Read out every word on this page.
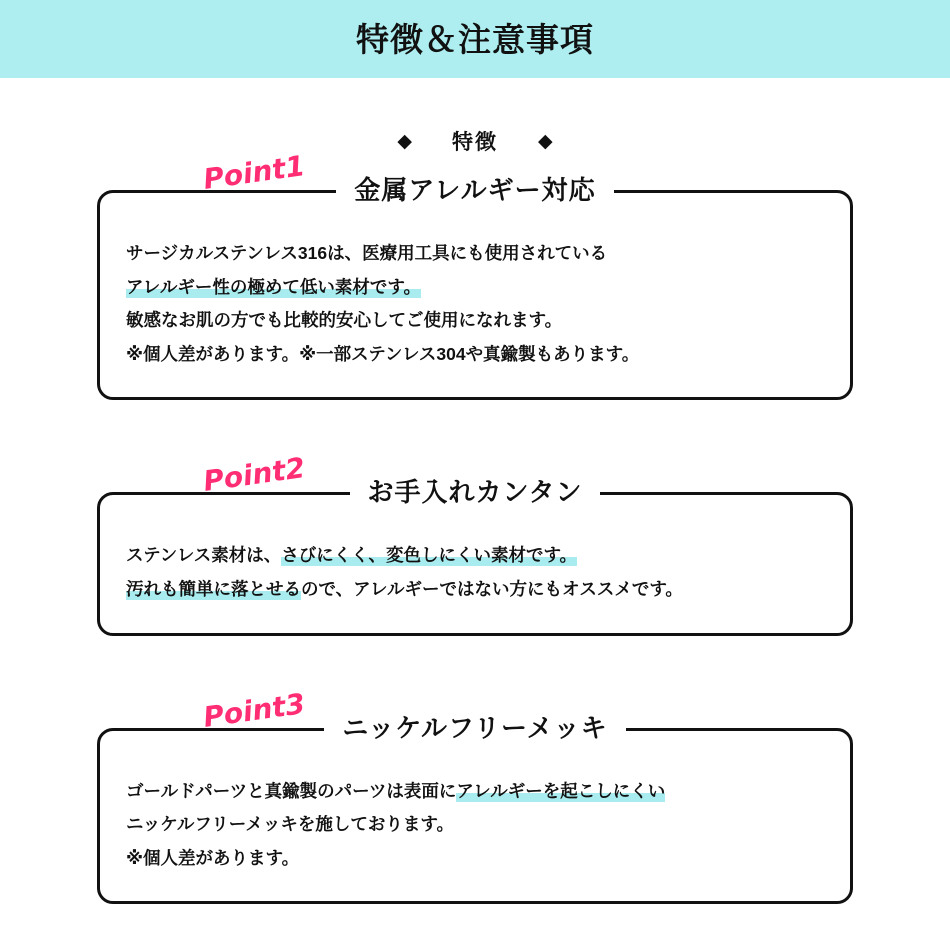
特徴＆注意事項
◆ 特徴 ◆
Point1	金属アレルギー対応

サージカルステンレス316は、医療用工具にも使用されている

アレルギー性の極めて低い素材です。

敏感なお肌の方でも比較的安心してご使用になれます。

※個人差があります。※一部ステンレス304や真鍮製もあります。

Point2	お手入れカンタン

ステンレス素材は、さびにくく、変色しにくい素材です。

汚れも簡単に落とせるので、アレルギーではない方にもオススメです。

Point3	ニッケルフリーメッキ

ゴールドパーツと真鍮製のパーツは表面にアレルギーを起こしにくい

ニッケルフリーメッキを施しております。

※個人差があります。
